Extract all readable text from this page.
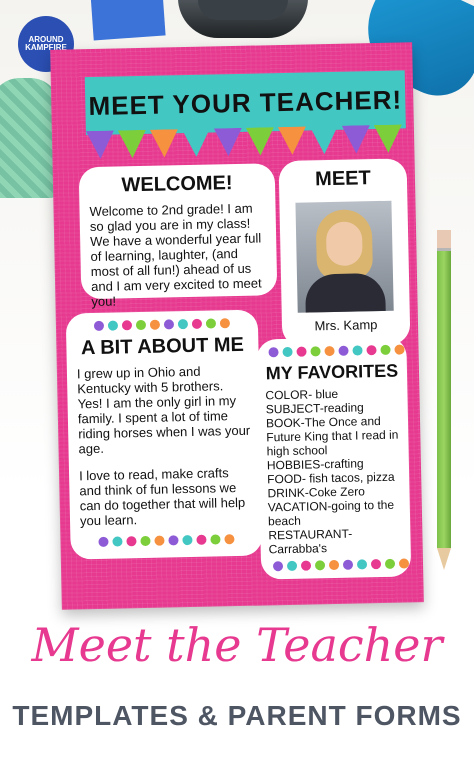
AROUND
KAMPFIRE
MEET YOUR TEACHER!
WELCOME!
Welcome to 2nd grade! I am so glad you are in my class! We have a wonderful year full of learning, laughter, (and most of all fun!) ahead of us and I am very excited to meet you!
MEET
Mrs. Kamp
A BIT ABOUT ME
I grew up in Ohio and Kentucky with 5 brothers. Yes! I am the only girl in my family. I spent a lot of time riding horses when I was your age.
I love to read, make crafts and think of fun lessons we can do together that will help you learn.
MY FAVORITES
COLOR- blue
SUBJECT-reading
BOOK-The Once and Future King that I read in high school
HOBBIES-crafting
FOOD- fish tacos, pizza
DRINK-Coke Zero
VACATION-going to the beach
RESTAURANT-Carrabba's
Meet the Teacher
TEMPLATES & PARENT FORMS
